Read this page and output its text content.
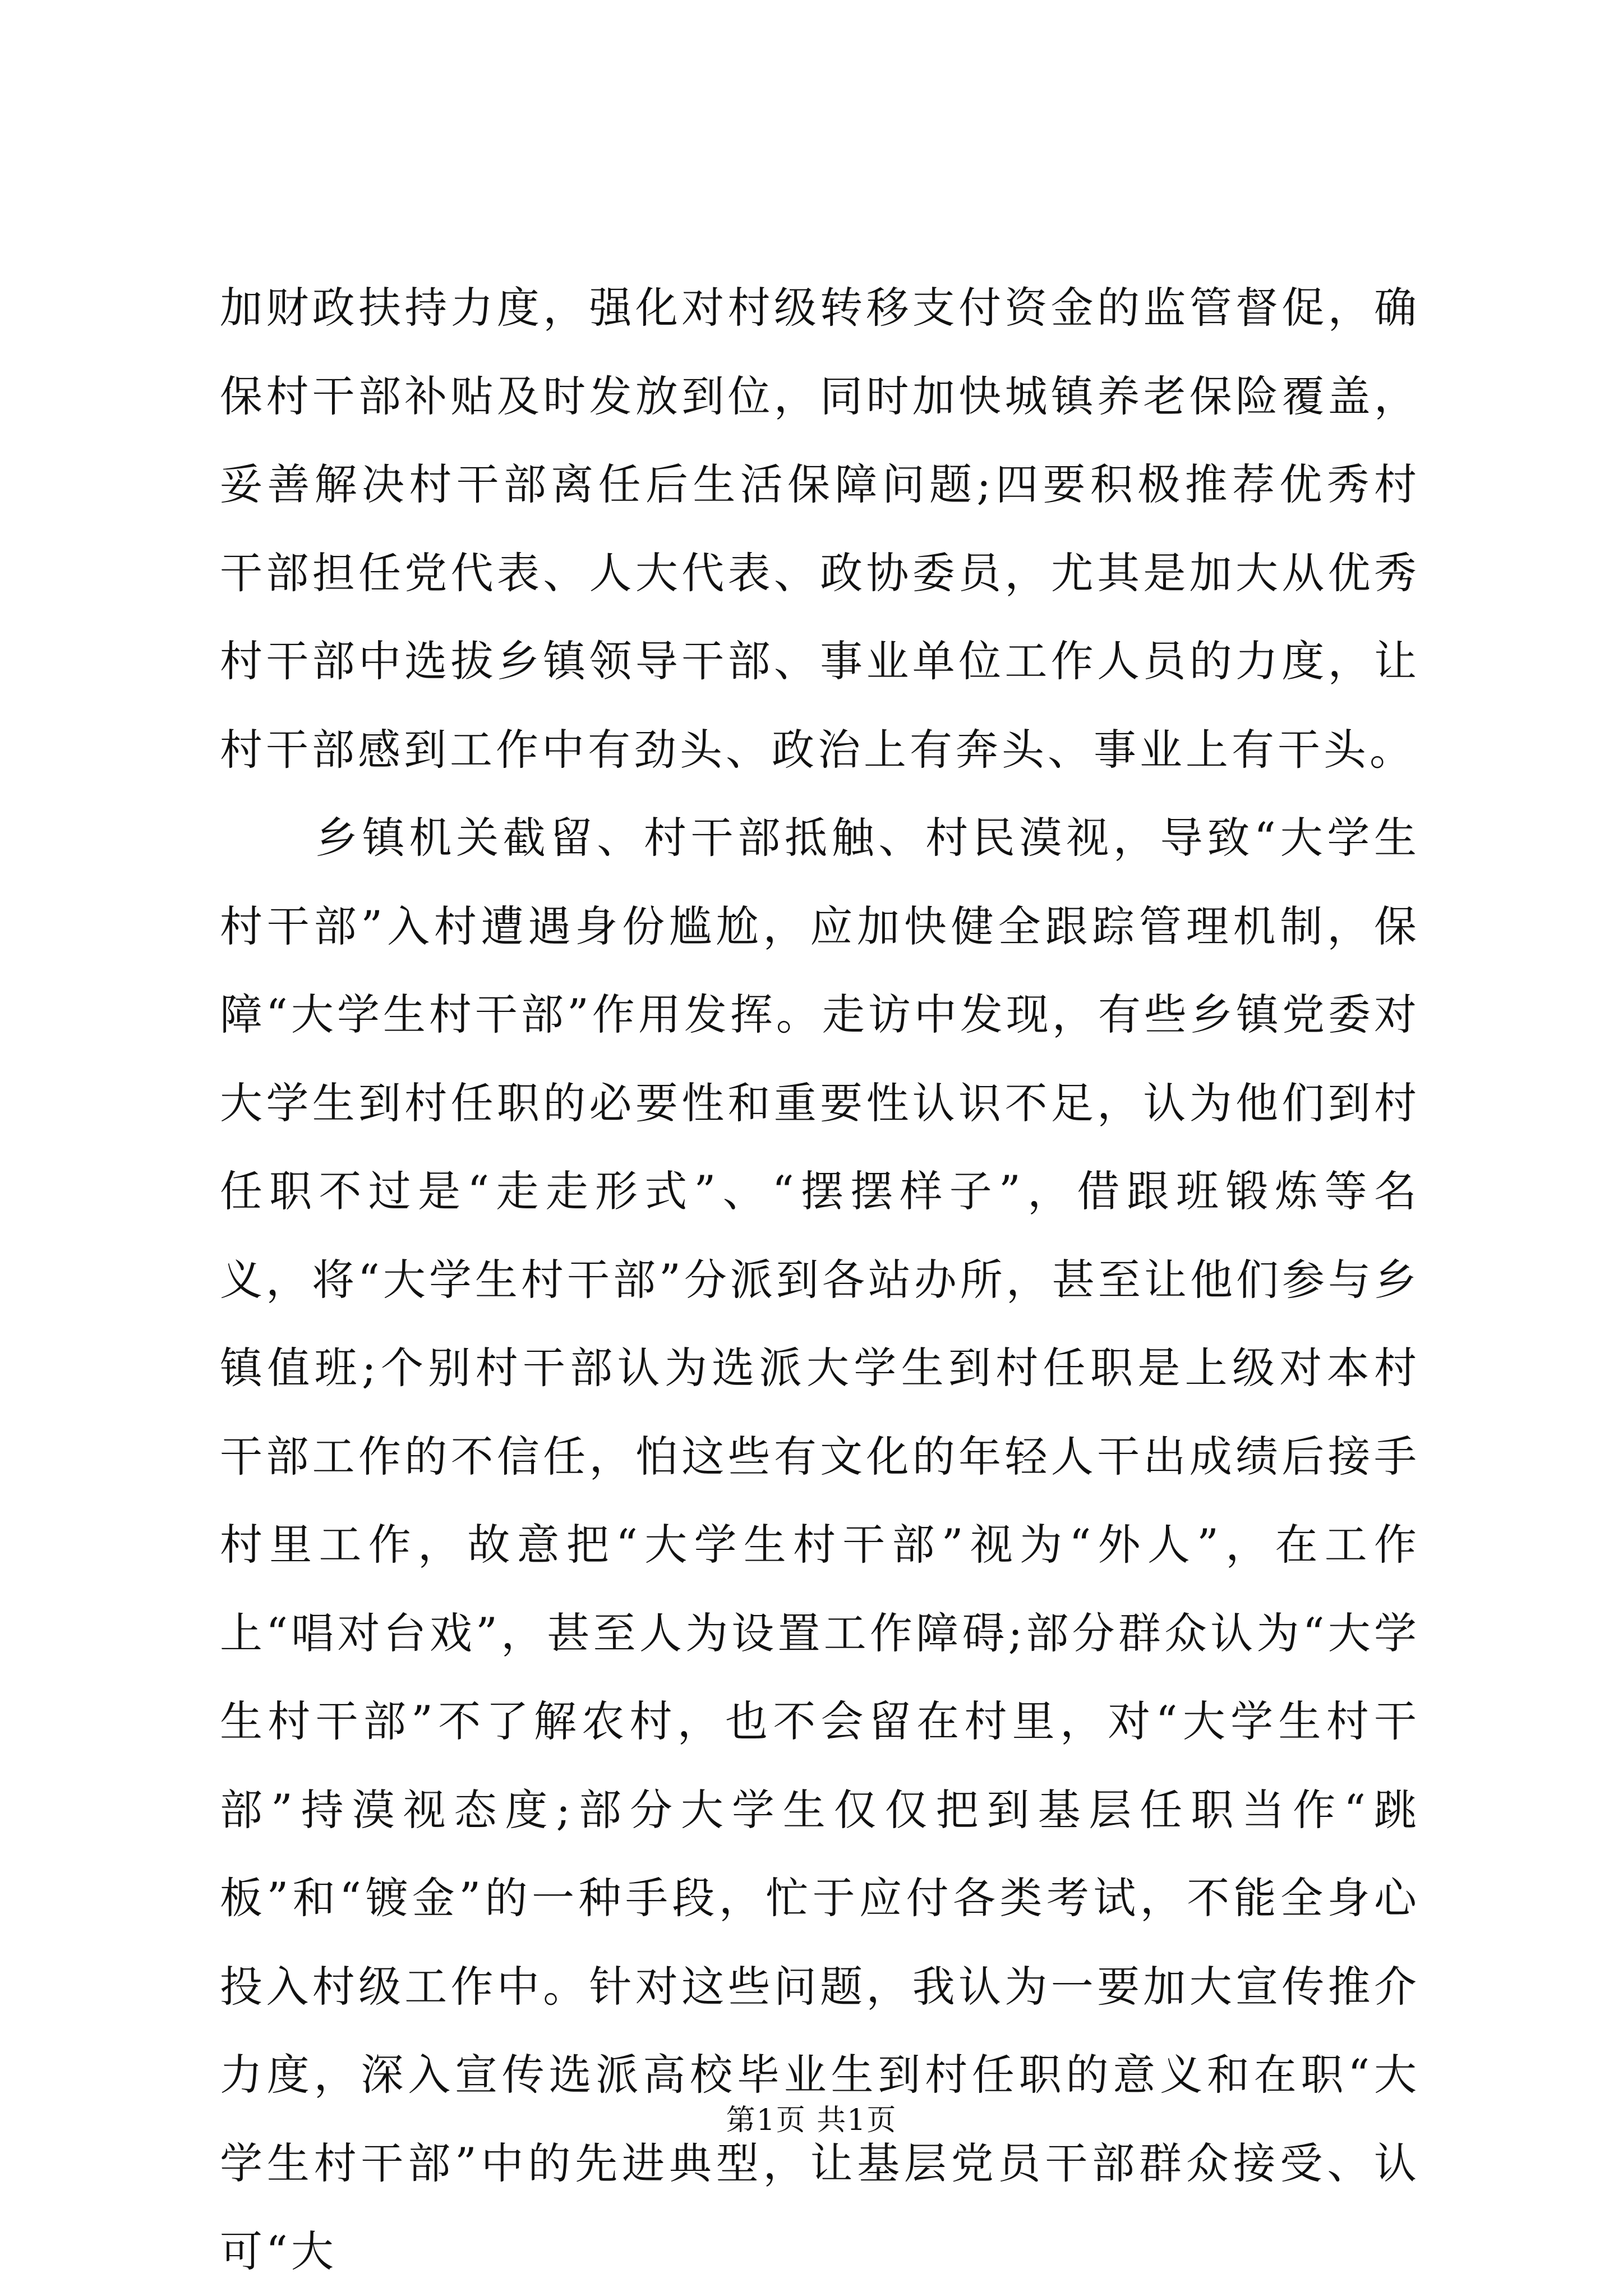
加财政扶持力度，强化对村级转移支付资金的监管督促，确保村干部补贴及时发放到位，同时加快城镇养老保险覆盖，妥善解决村干部离任后生活保障问题;四要积极推荐优秀村干部担任党代表、人大代表、政协委员，尤其是加大从优秀村干部中选拔乡镇领导干部、事业单位工作人员的力度，让村干部感到工作中有劲头、政治上有奔头、事业上有干头。

乡镇机关截留、村干部抵触、村民漠视，导致“大学生村干部”入村遭遇身份尴尬，应加快健全跟踪管理机制，保障“大学生村干部”作用发挥。走访中发现，有些乡镇党委对大学生到村任职的必要性和重要性认识不足，认为他们到村任职不过是“走走形式”、“摆摆样子”，借跟班锻炼等名义，将“大学生村干部”分派到各站办所，甚至让他们参与乡镇值班;个别村干部认为选派大学生到村任职是上级对本村干部工作的不信任，怕这些有文化的年轻人干出成绩后接手村里工作，故意把“大学生村干部”视为“外人”，在工作上“唱对台戏”，甚至人为设置工作障碍;部分群众认为“大学生村干部”不了解农村，也不会留在村里，对“大学生村干部”持漠视态度;部分大学生仅仅把到基层任职当作“跳板”和“镀金”的一种手段，忙于应付各类考试，不能全身心投入村级工作中。针对这些问题，我认为一要加大宣传推介力度，深入宣传选派高校毕业生到村任职的意义和在职“大学生村干部”中的先进典型，让基层党员干部群众接受、认可“大

第1页 共1页
